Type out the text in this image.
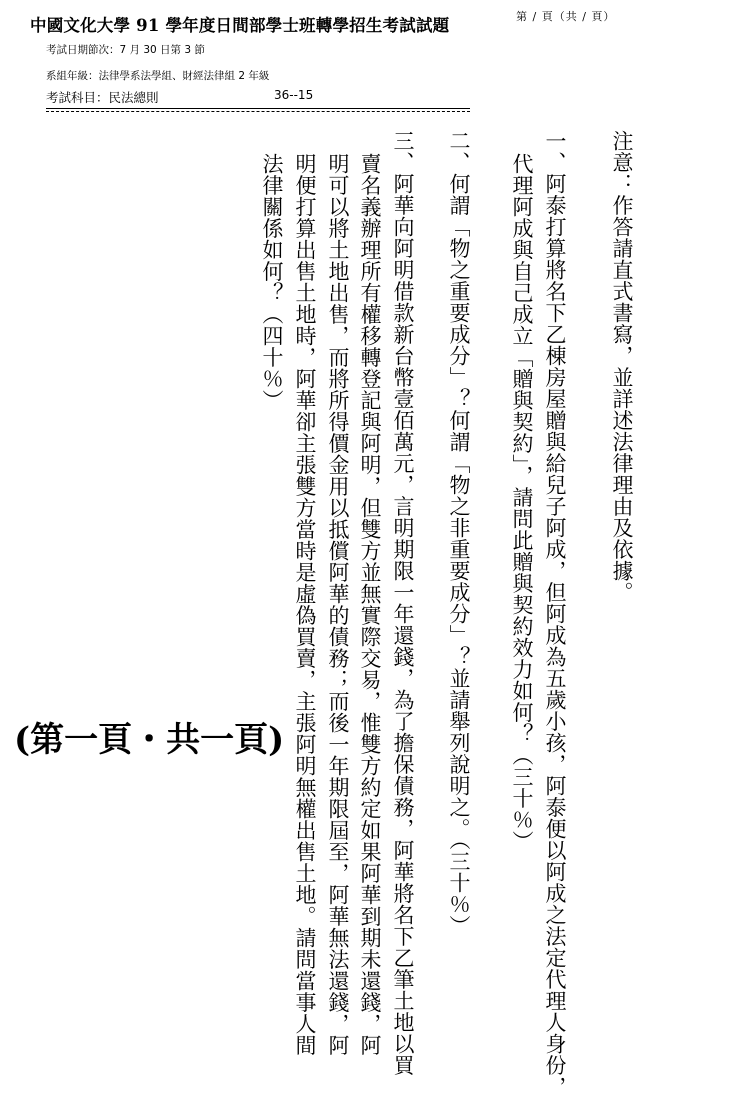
中國文化大學 91 學年度日間部學士班轉學招生考試試題	第 / 頁（共 / 頁）
考試日期節次：7 月 30 日第 3 節
系組年級：法律學系法學組、財經法律組 2 年級
考試科目：民法總則	36--15
注意：作答請直式書寫，並詳述法律理由及依據。
一、阿泰打算將名下乙棟房屋贈與給兒子阿成，但阿成為五歲小孩，阿泰便以阿成之法定代理人身份，
代理阿成與自己成立「贈與契約」，請問此贈與契約效力如何？（三十％）
二、何謂「物之重要成分」？何謂「物之非重要成分」？並請舉列說明之。（三十％）
三、阿華向阿明借款新台幣壹佰萬元，言明期限一年還錢，為了擔保債務，阿華將名下乙筆土地以買
賣名義辦理所有權移轉登記與阿明，但雙方並無實際交易，惟雙方約定如果阿華到期未還錢，阿
明可以將土地出售，而將所得價金用以抵償阿華的債務；而後一年期限屆至，阿華無法還錢，阿
明便打算出售土地時，阿華卻主張雙方當時是虛偽買賣，主張阿明無權出售土地。請問當事人間
法律關係如何？（四十％）
(第一頁・共一頁)
